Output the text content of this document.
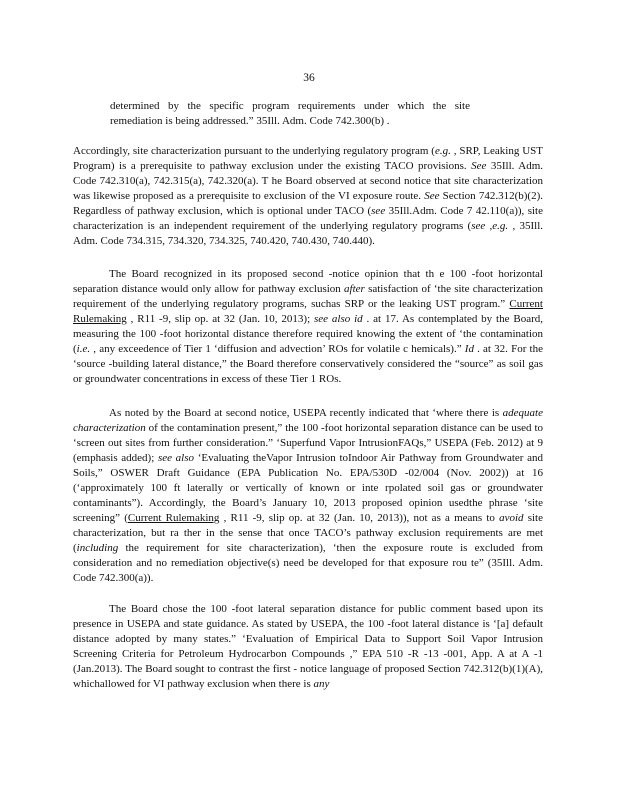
36
determined by the specific program requirements under which the site remediation is being addressed.” 35Ill. Adm. Code 742.300(b) .

Accordingly, site characterization pursuant to the underlying regulatory program (e.g. , SRP, Leaking UST Program) is a prerequisite to pathway exclusion under the existing TACO provisions. See 35Ill. Adm. Code 742.310(a), 742.315(a), 742.320(a). T he Board observed at second notice that site characterization was likewise proposed as a prerequisite to exclusion of the VI exposure route. See Section 742.312(b)(2). Regardless of pathway exclusion, which is optional under TACO (see 35Ill.Adm. Code 7 42.110(a)), site characterization is an independent requirement of the underlying regulatory programs (see ,e.g. , 35Ill. Adm. Code 734.315, 734.320, 734.325, 740.420, 740.430, 740.440).

The Board recognized in its proposed second -notice opinion that th e 100 -foot horizontal separation distance would only allow for pathway exclusion after satisfaction of ‘the site characterization requirement of the underlying regulatory programs, suchas SRP or the leaking UST program.” Current Rulemaking , R11 -9, slip op. at 32 (Jan. 10, 2013); see also id . at 17. As contemplated by the Board, measuring the 100 -foot horizontal distance therefore required knowing the extent of ‘the contamination (i.e. , any exceedence of Tier 1 ‘diffusion and advection’ ROs for volatile c hemicals).” Id . at 32. For the ‘source -building lateral distance,” the Board therefore conservatively considered the “source” as soil gas or groundwater concentrations in excess of these Tier 1 ROs.

As noted by the Board at second notice, USEPA recently indicated that ‘where there is adequate characterization of the contamination present,” the 100 -foot horizontal separation distance can be used to ‘screen out sites from further consideration.” ‘Superfund Vapor IntrusionFAQs,” USEPA (Feb. 2012) at 9 (emphasis added); see also ‘Evaluating theVapor Intrusion toIndoor Air Pathway from Groundwater and Soils,” OSWER Draft Guidance (EPA Publication No. EPA/530D -02/004 (Nov. 2002)) at 16 (‘approximately 100 ft laterally or vertically of known or inte rpolated soil gas or groundwater contaminants”). Accordingly, the Board’s January 10, 2013 proposed opinion usedthe phrase ‘site screening” (Current Rulemaking , R11 -9, slip op. at 32 (Jan. 10, 2013)), not as a means to avoid site characterization, but ra ther in the sense that once TACO’s pathway exclusion requirements are met (including the requirement for site characterization), ‘then the exposure route is excluded from consideration and no remediation objective(s) need be developed for that exposure rou te” (35Ill. Adm. Code 742.300(a)).

The Board chose the 100 -foot lateral separation distance for public comment based upon its presence in USEPA and state guidance. As stated by USEPA, the 100 -foot lateral distance is ‘[a] default distance adopted by many states.” ‘Evaluation of Empirical Data to Support Soil Vapor Intrusion Screening Criteria for Petroleum Hydrocarbon Compounds ,” EPA 510 -R -13 -001, App. A at A -1 (Jan.2013). The Board sought to contrast the first - notice language of proposed Section 742.312(b)(1)(A), whichallowed for VI pathway exclusion when there is any
